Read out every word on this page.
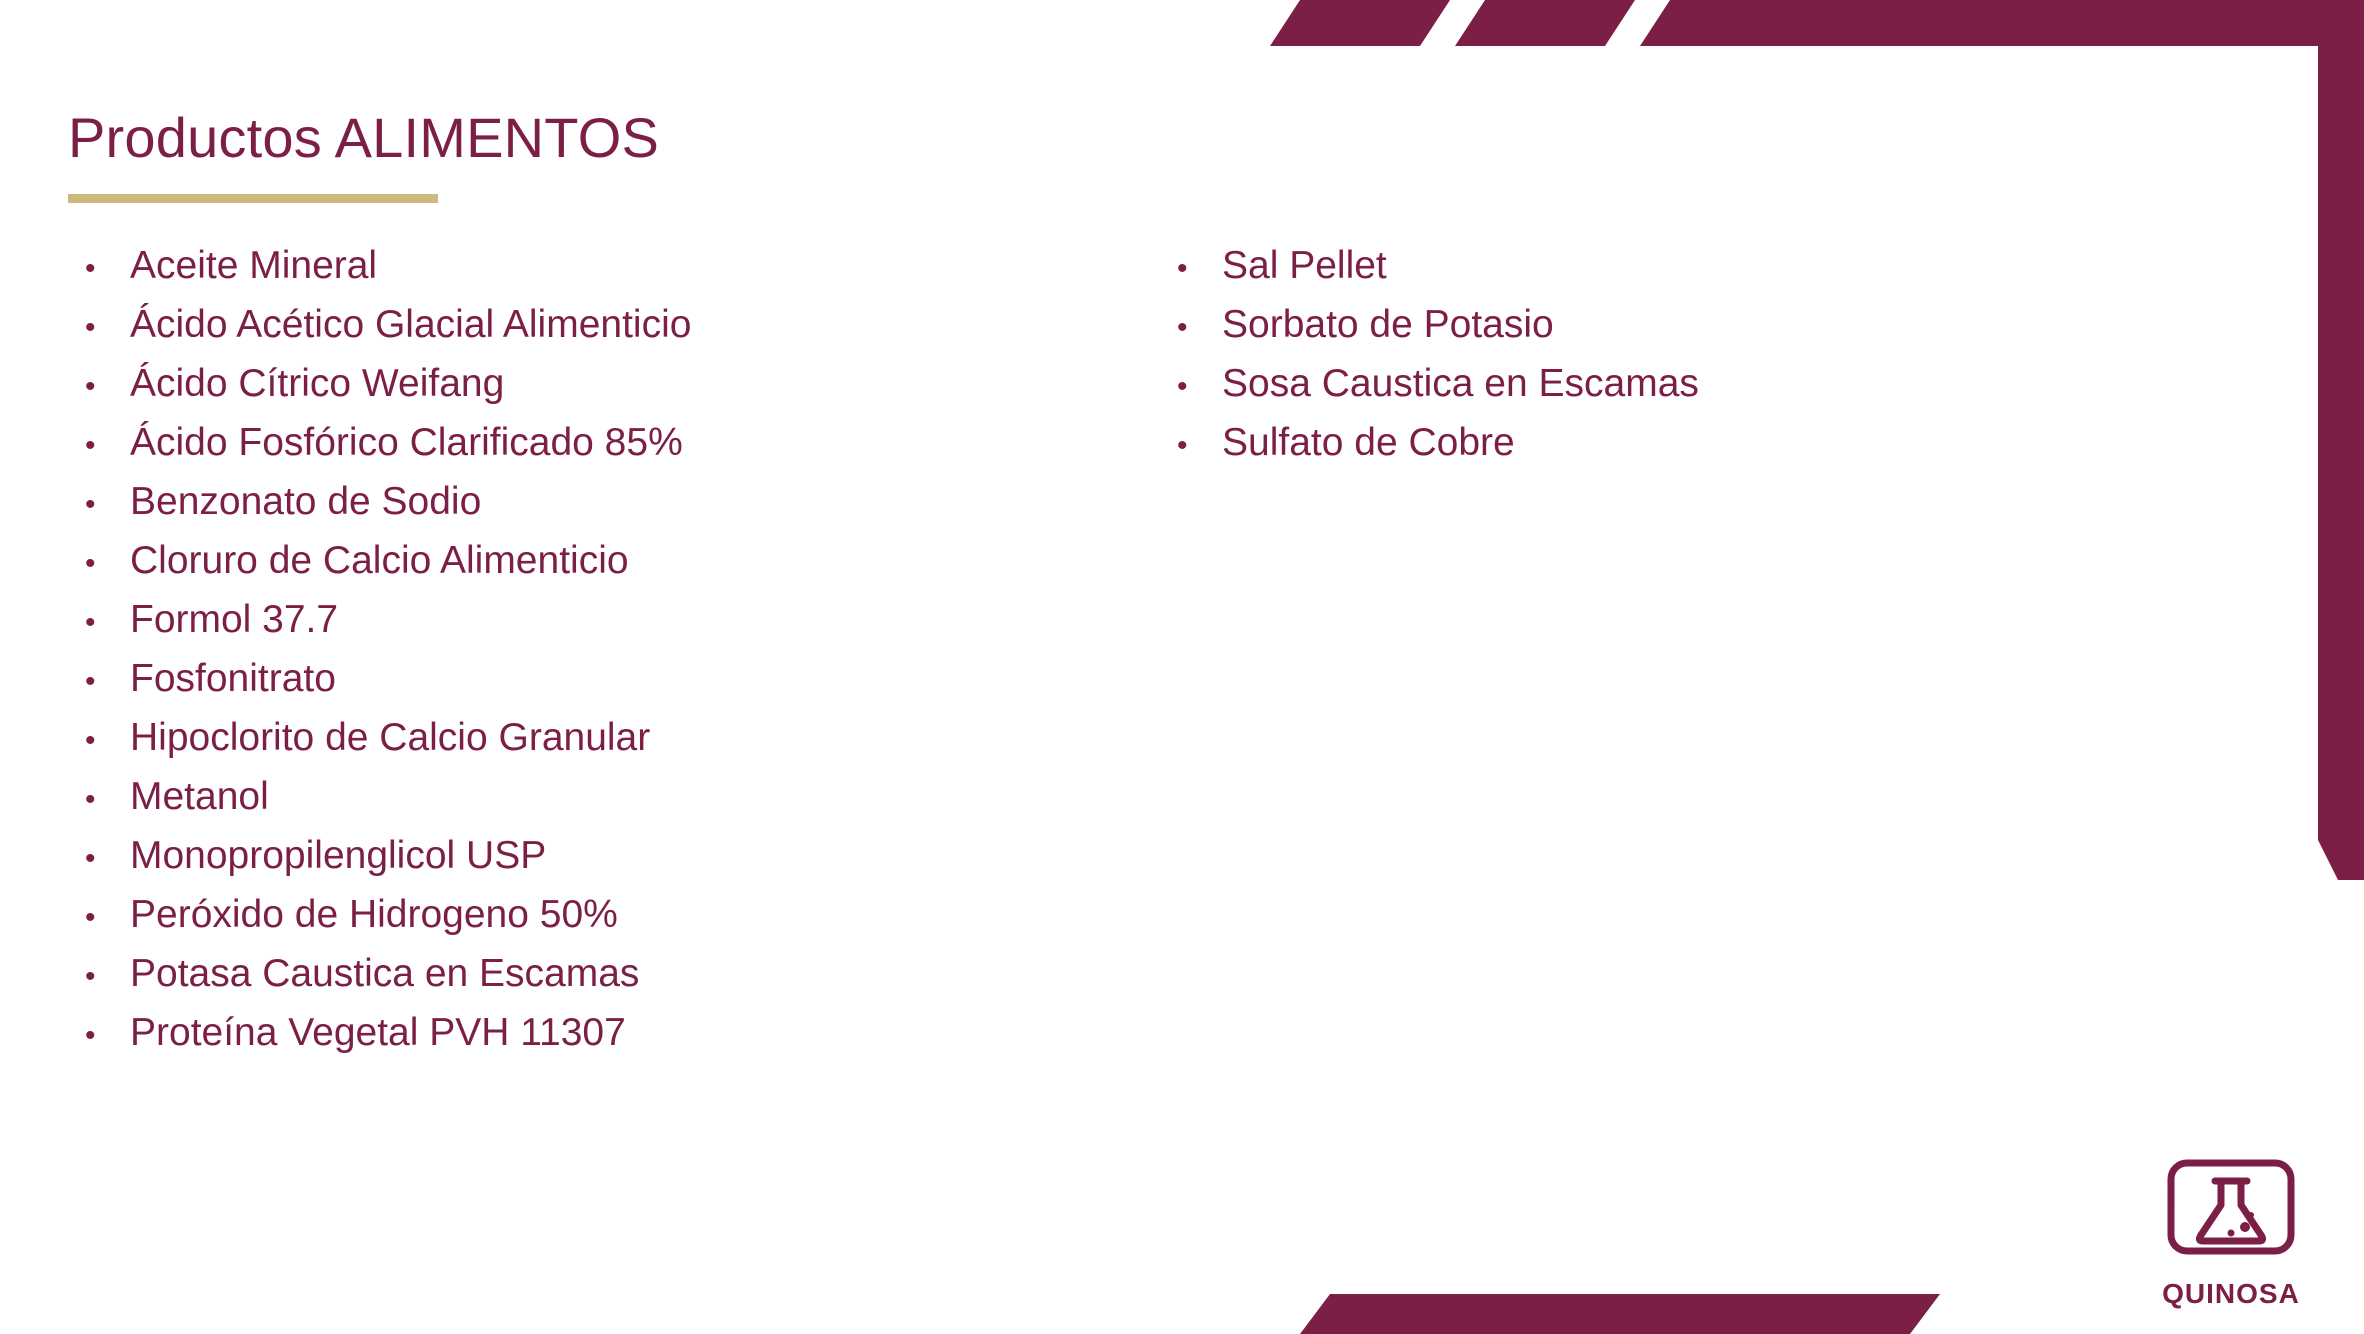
Productos ALIMENTOS
• Aceite Mineral
• Ácido Acético Glacial Alimenticio
• Ácido Cítrico Weifang
• Ácido Fosfórico Clarificado 85%
• Benzonato de Sodio
• Cloruro de Calcio Alimenticio
• Formol 37.7
• Fosfonitrato
• Hipoclorito de Calcio Granular
• Metanol
• Monopropilenglicol USP
• Peróxido de Hidrogeno 50%
• Potasa Caustica en Escamas
• Proteína Vegetal PVH 11307
• Sal Pellet
• Sorbato de Potasio
• Sosa Caustica en Escamas
• Sulfato de Cobre
QUINOSA
